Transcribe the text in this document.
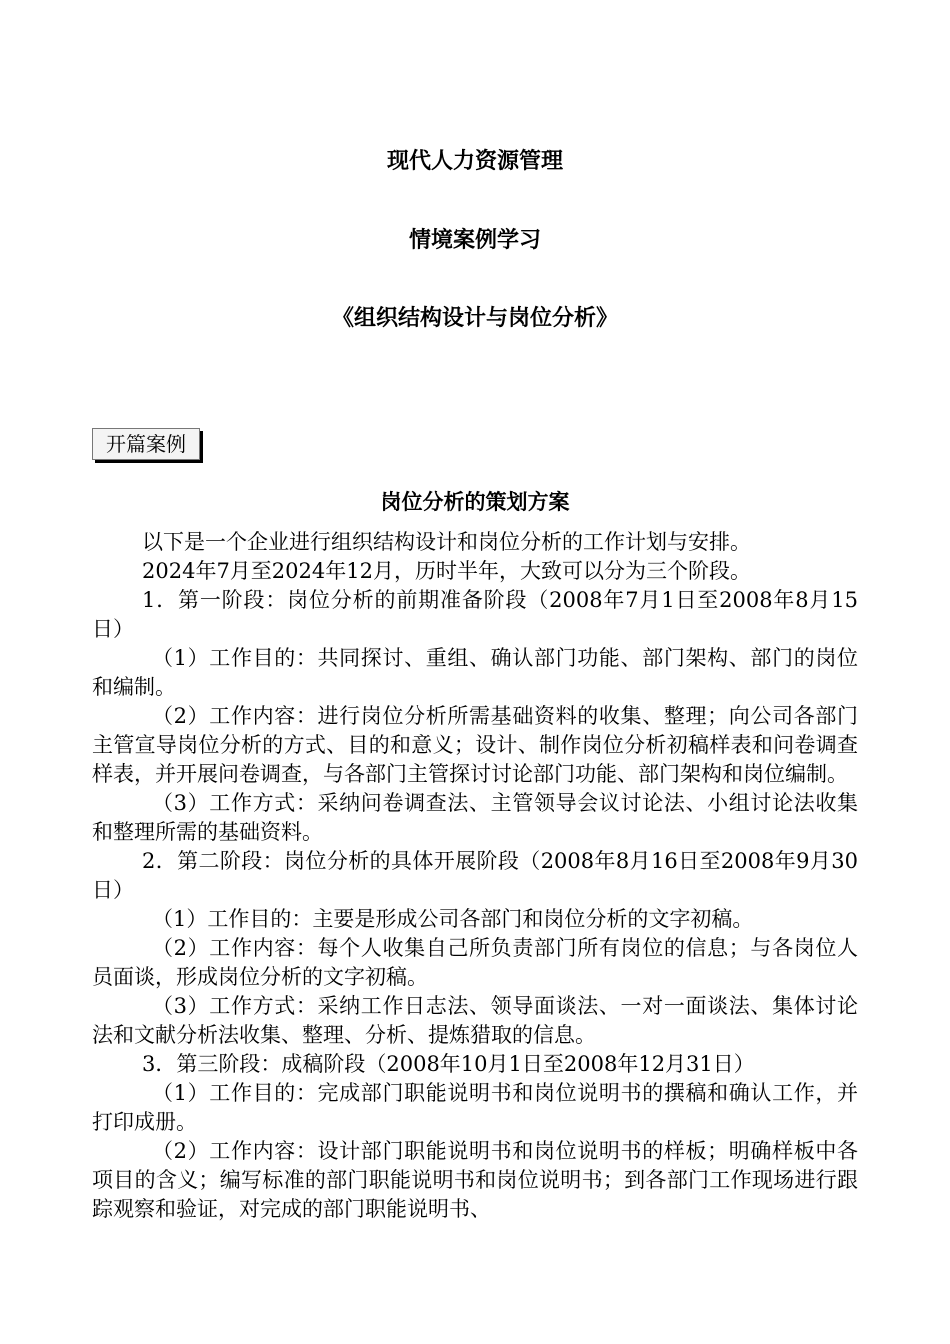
现代人力资源管理
情境案例学习
《组织结构设计与岗位分析》
开篇案例
岗位分析的策划方案

以下是一个企业进行组织结构设计和岗位分析的工作计划与安排。

2024年7月至2024年12月，历时半年，大致可以分为三个阶段。

1．第一阶段：岗位分析的前期准备阶段（2008年7月1日至2008年8月15日）

（1）工作目的：共同探讨、重组、确认部门功能、部门架构、部门的岗位和编制。

（2）工作内容：进行岗位分析所需基础资料的收集、整理；向公司各部门主管宣导岗位分析的方式、目的和意义；设计、制作岗位分析初稿样表和问卷调查样表，并开展问卷调查，与各部门主管探讨讨论部门功能、部门架构和岗位编制。

（3）工作方式：采纳问卷调查法、主管领导会议讨论法、小组讨论法收集和整理所需的基础资料。

2．第二阶段：岗位分析的具体开展阶段（2008年8月16日至2008年9月30日）

（1）工作目的：主要是形成公司各部门和岗位分析的文字初稿。

（2）工作内容：每个人收集自己所负责部门所有岗位的信息；与各岗位人员面谈，形成岗位分析的文字初稿。

（3）工作方式：采纳工作日志法、领导面谈法、一对一面谈法、集体讨论法和文献分析法收集、整理、分析、提炼猎取的信息。

3．第三阶段：成稿阶段（2008年10月1日至2008年12月31日）

（1）工作目的：完成部门职能说明书和岗位说明书的撰稿和确认工作，并打印成册。

（2）工作内容：设计部门职能说明书和岗位说明书的样板；明确样板中各项目的含义；编写标准的部门职能说明书和岗位说明书；到各部门工作现场进行跟踪观察和验证，对完成的部门职能说明书、
